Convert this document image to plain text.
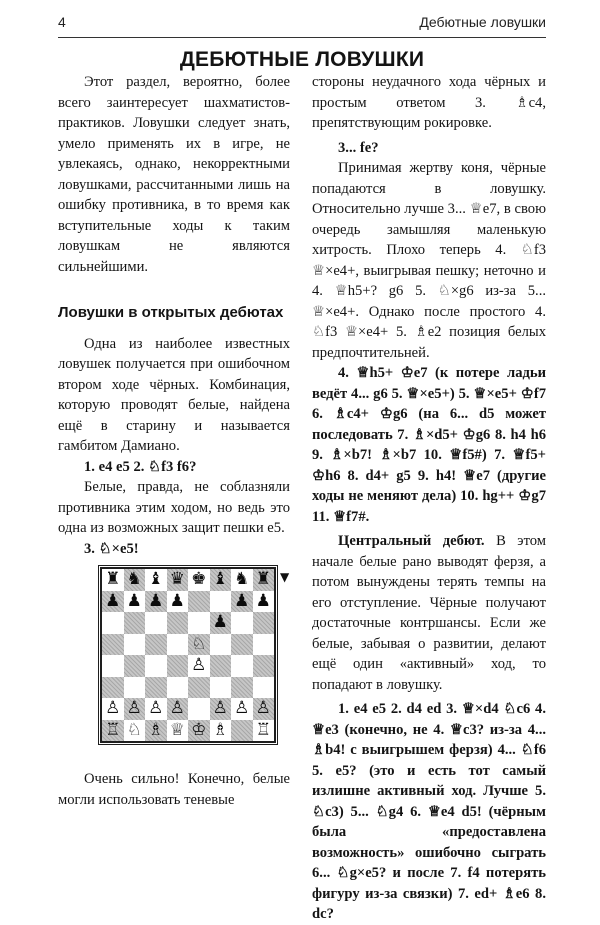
4	Дебютные ловушки
ДЕБЮТНЫЕ ЛОВУШКИ

Этот раздел, вероятно, более всего заинтересует шахматистов-практиков. Ловушки следует знать, умело применять их в игре, не увлекаясь, однако, некорректными ловушками, рассчитанными лишь на ошибку противника, в то время как вступительные ходы к таким ловушкам не являются сильнейшими.

Ловушки в открытых дебютах

Одна из наиболее известных ловушек получается при ошибочном втором ходе чёрных. Комбинация, которую проводят белые, найдена ещё в старину и называется гамбитом Дамиано.

1. e4 e5 2. ♘f3 f6?

Белые, правда, не соблазняли противника этим ходом, но ведь это одна из возможных защит пешки e5.

3. ♘×e5!

♜ ♞ ♝ ♛ ♚ ♝ ♞ ♜
♟ ♟ ♟ ♟	♟ ♟
♟
♘
♙
♙ ♙ ♙ ♙ ♙ ♙ ♙
♖ ♘ ♗ ♕ ♔ ♗ ♖
▼

Очень сильно! Конечно, белые могли использовать теневые

стороны неудачного хода чёрных и простым ответом 3. ♗c4, препятствующим рокировке.

3... fe?

Принимая жертву коня, чёрные попадаются в ловушку. Относительно лучше 3... ♕e7, в свою очередь замышляя маленькую хитрость. Плохо теперь 4. ♘f3 ♕×e4+, выигрывая пешку; неточно и 4. ♕h5+? g6 5. ♘×g6 из-за 5... ♕×e4+. Однако после простого 4. ♘f3 ♕×e4+ 5. ♗e2 позиция белых предпочтительней.

4. ♕h5+ ♔e7 (к потере ладьи ведёт 4... g6 5. ♕×e5+) 5. ♕×e5+ ♔f7 6. ♗c4+ ♔g6 (на 6... d5 может последовать 7. ♗×d5+ ♔g6 8. h4 h6 9. ♗×b7! ♗×b7 10. ♕f5#) 7. ♕f5+ ♔h6 8. d4+ g5 9. h4! ♕e7 (другие ходы не меняют дела) 10. hg++ ♔g7 11. ♕f7#.

Центральный дебют. В этом начале белые рано выводят ферзя, а потом вынуждены терять темпы на его отступление. Чёрные получают достаточные контршансы. Если же белые, забывая о развитии, делают ещё один «активный» ход, то попадают в ловушку.

1. e4 e5 2. d4 ed 3. ♕×d4 ♘c6 4. ♕e3 (конечно, не 4. ♕c3? из-за 4... ♗b4! с выигрышем ферзя) 4... ♘f6 5. e5? (это и есть тот самый излишне активный ход. Лучше 5. ♘c3) 5... ♘g4 6. ♕e4 d5! (чёрным была «предоставлена возможность» ошибочно сыграть 6... ♘g×e5? и после 7. f4 потерять фигуру из-за связки) 7. ed+ ♗e6 8. dc?
